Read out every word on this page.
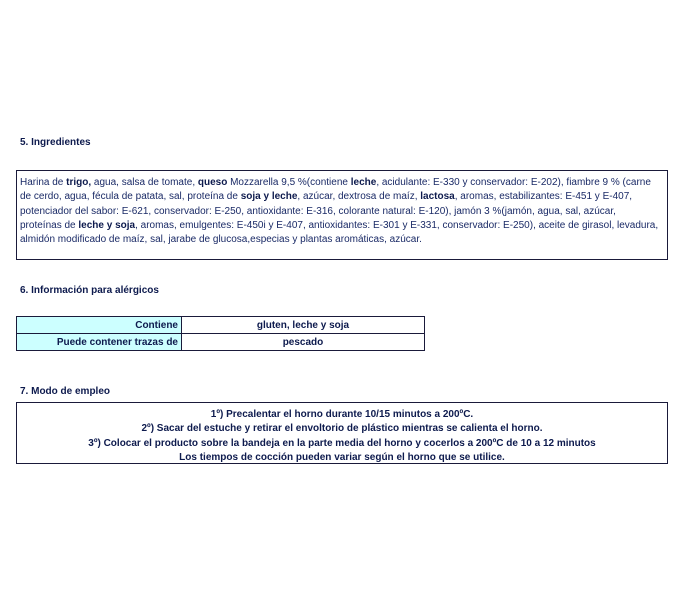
5. Ingredientes
Harina de trigo, agua, salsa de tomate, queso Mozzarella 9,5 %(contiene leche, acidulante: E-330 y conservador: E-202), fiambre 9 % (carne
de cerdo, agua, fécula de patata, sal, proteína de soja y leche, azúcar, dextrosa de maíz, lactosa, aromas, estabilizantes: E-451 y E-407,
potenciador del sabor: E-621, conservador: E-250, antioxidante: E-316, colorante natural: E-120), jamón 3 %(jamón, agua, sal, azúcar,
proteínas de leche y soja, aromas, emulgentes: E-450i y E-407, antioxidantes: E-301 y E-331, conservador: E-250), aceite de girasol, levadura,
almidón modificado de maíz, sal, jarabe de glucosa,especias y plantas aromáticas, azúcar.
6. Información para alérgicos
Contiene	gluten, leche y soja
Puede contener trazas de	pescado
7. Modo de empleo
1º) Precalentar el horno durante 10/15 minutos a 200ºC.
2º) Sacar del estuche y retirar el envoltorio de plástico mientras se calienta el horno.
3º) Colocar el producto sobre la bandeja en la parte media del horno y cocerlos a 200ºC de 10 a 12 minutos
Los tiempos de cocción pueden variar según el horno que se utilice.
